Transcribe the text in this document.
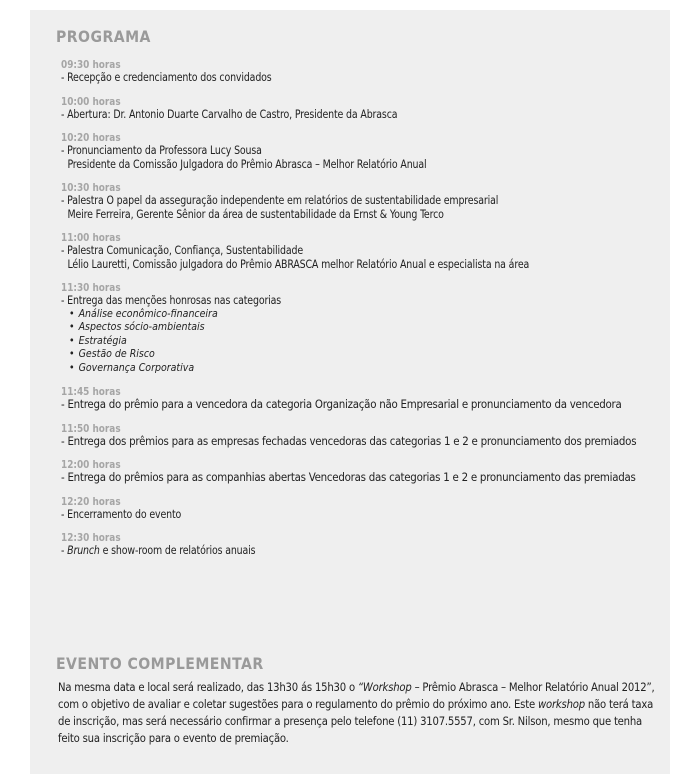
PROGRAMA
09:30 horas
- Recepção e credenciamento dos convidados
10:00 horas
- Abertura: Dr. Antonio Duarte Carvalho de Castro, Presidente da Abrasca
10:20 horas
- Pronunciamento da Professora Lucy Sousa
Presidente da Comissão Julgadora do Prêmio Abrasca – Melhor Relatório Anual
10:30 horas
- Palestra O papel da asseguração independente em relatórios de sustentabilidade empresarial
Meire Ferreira, Gerente Sênior da área de sustentabilidade da Ernst & Young Terco
11:00 horas
- Palestra Comunicação, Confiança, Sustentabilidade
Lélio Lauretti, Comissão julgadora do Prêmio ABRASCA melhor Relatório Anual e especialista na área
11:30 horas
- Entrega das menções honrosas nas categorias
• Análise econômico-financeira
• Aspectos sócio-ambientais
• Estratégia
• Gestão de Risco
• Governança Corporativa
11:45 horas
- Entrega do prêmio para a vencedora da categoria Organização não Empresarial e pronunciamento da vencedora
11:50 horas
- Entrega dos prêmios para as empresas fechadas vencedoras das categorias 1 e 2 e pronunciamento dos premiados
12:00 horas
- Entrega do prêmios para as companhias abertas Vencedoras das categorias 1 e 2 e pronunciamento das premiadas
12:20 horas
- Encerramento do evento
12:30 horas
- Brunch e show-room de relatórios anuais
EVENTO COMPLEMENTAR
Na mesma data e local será realizado, das 13h30 ás 15h30 o “Workshop – Prêmio Abrasca – Melhor Relatório Anual 2012”, com o objetivo de avaliar e coletar sugestões para o regulamento do prêmio do próximo ano. Este workshop não terá taxa de inscrição, mas será necessário confirmar a presença pelo telefone (11) 3107.5557, com Sr. Nilson, mesmo que tenha feito sua inscrição para o evento de premiação.
